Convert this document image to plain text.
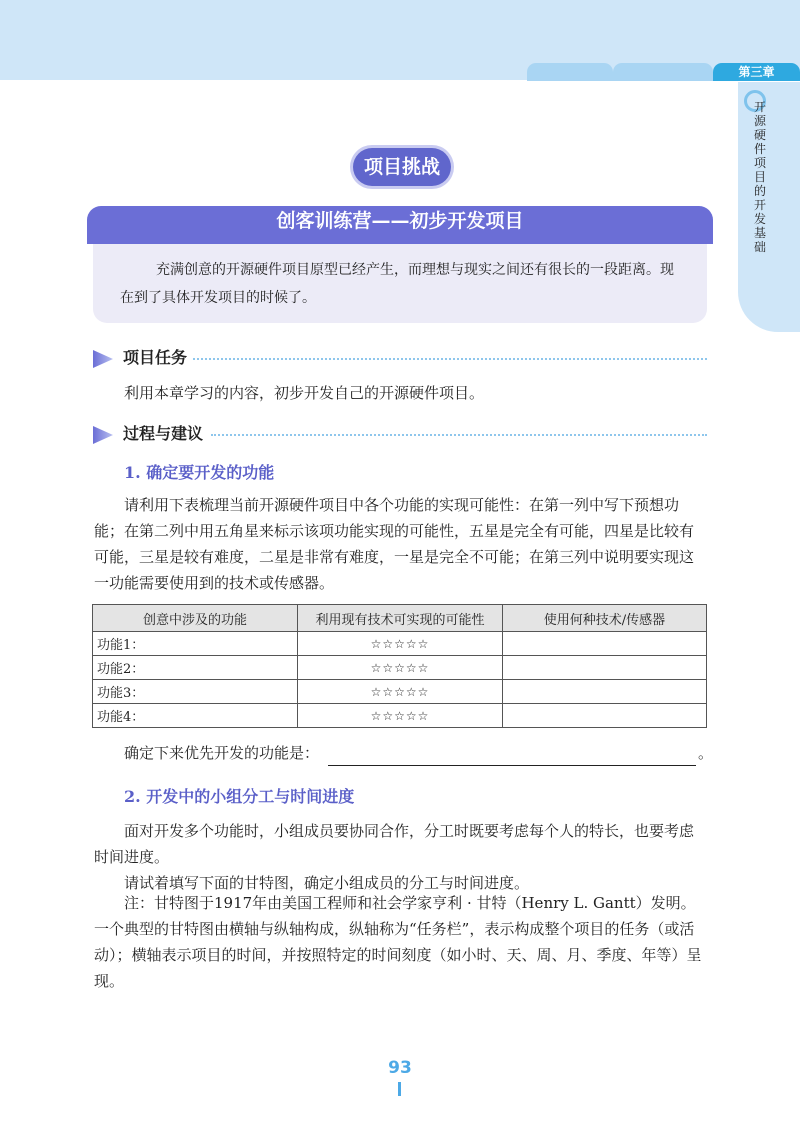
第三章
开源硬件项目的开发基础
项目挑战
创客训练营——初步开发项目
充满创意的开源硬件项目原型已经产生，而理想与现实之间还有很长的一段距离。现在到了具体开发项目的时候了。
项目任务
利用本章学习的内容，初步开发自己的开源硬件项目。
过程与建议
1. 确定要开发的功能
请利用下表梳理当前开源硬件项目中各个功能的实现可能性：在第一列中写下预想功能；在第二列中用五角星来标示该项功能实现的可能性，五星是完全有可能，四星是比较有可能，三星是较有难度，二星是非常有难度，一星是完全不可能；在第三列中说明要实现这一功能需要使用到的技术或传感器。
创意中涉及的功能	利用现有技术可实现的可能性	使用何种技术/传感器
功能1：	☆☆☆☆☆	
功能2：	☆☆☆☆☆	
功能3：	☆☆☆☆☆	
功能4：	☆☆☆☆☆	
确定下来优先开发的功能是：	。
2. 开发中的小组分工与时间进度
面对开发多个功能时，小组成员要协同合作，分工时既要考虑每个人的特长，也要考虑时间进度。
请试着填写下面的甘特图，确定小组成员的分工与时间进度。
注：甘特图于1917年由美国工程师和社会学家亨利 · 甘特（Henry L. Gantt）发明。一个典型的甘特图由横轴与纵轴构成，纵轴称为“任务栏”，表示构成整个项目的任务（或活动）；横轴表示项目的时间，并按照特定的时间刻度（如小时、天、周、月、季度、年等）呈现。
93
